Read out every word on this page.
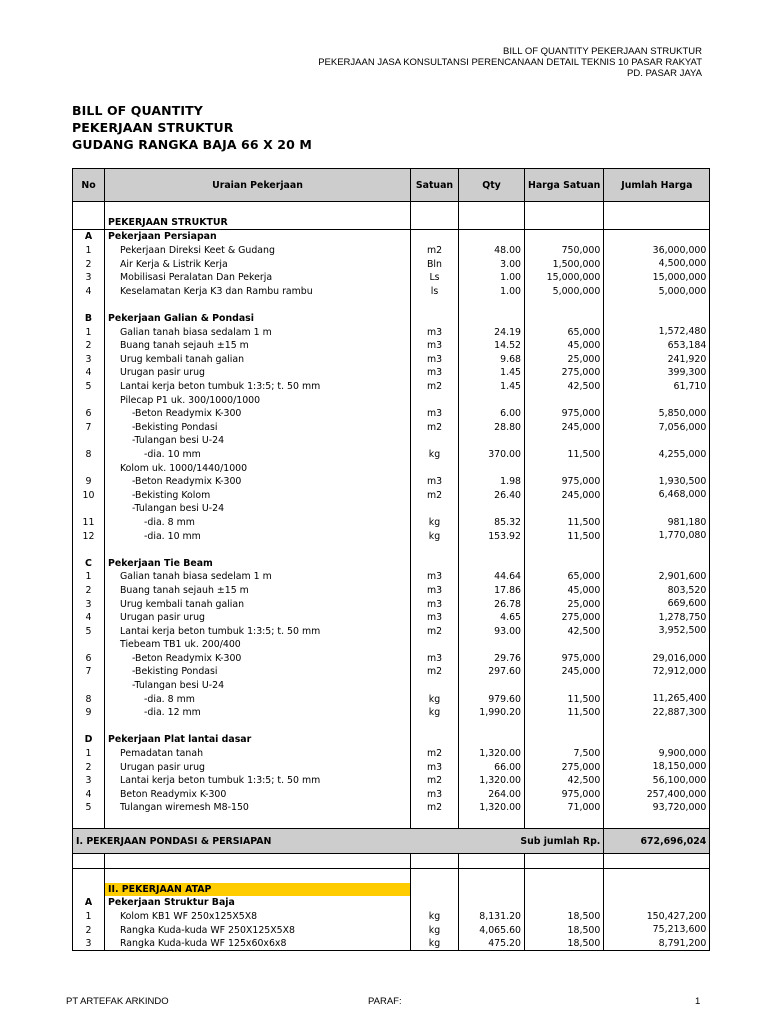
BILL OF QUANTITY PEKERJAAN STRUKTUR
PEKERJAAN JASA KONSULTANSI PERENCANAAN DETAIL TEKNIS 10 PASAR RAKYAT
PD. PASAR JAYA
BILL OF QUANTITY
PEKERJAAN STRUKTUR
GUDANG RANGKA BAJA 66 X 20 M
No	Uraian Pekerjaan	Satuan	Qty	Harga Satuan	Jumlah Harga

	PEKERJAAN STRUKTUR				
A	Pekerjaan Persiapan				
1	Pekerjaan Direksi Keet & Gudang	m2	48.00	750,000	36,000,000
2	Air Kerja & Listrik Kerja	Bln	3.00	1,500,000	4,500,000
3	Mobilisasi Peralatan Dan Pekerja	Ls	1.00	15,000,000	15,000,000
4	Keselamatan Kerja K3 dan Rambu rambu	ls	1.00	5,000,000	5,000,000

B	Pekerjaan Galian & Pondasi				
1	Galian tanah biasa sedalam 1 m	m3	24.19	65,000	1,572,480
2	Buang tanah sejauh ±15 m	m3	14.52	45,000	653,184
3	Urug kembali tanah galian	m3	9.68	25,000	241,920
4	Urugan pasir urug	m3	1.45	275,000	399,300
5	Lantai kerja beton tumbuk 1:3:5; t. 50 mm	m2	1.45	42,500	61,710
	Pilecap P1 uk. 300/1000/1000				
6	-Beton Readymix K-300	m3	6.00	975,000	5,850,000
7	-Bekisting Pondasi	m2	28.80	245,000	7,056,000
	-Tulangan besi U-24				
8	-dia. 10 mm	kg	370.00	11,500	4,255,000
	Kolom uk. 1000/1440/1000				
9	-Beton Readymix K-300	m3	1.98	975,000	1,930,500
10	-Bekisting Kolom	m2	26.40	245,000	6,468,000
	-Tulangan besi U-24				
11	-dia. 8 mm	kg	85.32	11,500	981,180
12	-dia. 10 mm	kg	153.92	11,500	1,770,080

C	Pekerjaan Tie Beam				
1	Galian tanah biasa sedelam 1 m	m3	44.64	65,000	2,901,600
2	Buang tanah sejauh ±15 m	m3	17.86	45,000	803,520
3	Urug kembali tanah galian	m3	26.78	25,000	669,600
4	Urugan pasir urug	m3	4.65	275,000	1,278,750
5	Lantai kerja beton tumbuk 1:3:5; t. 50 mm	m2	93.00	42,500	3,952,500
	Tiebeam TB1 uk. 200/400				
6	-Beton Readymix K-300	m3	29.76	975,000	29,016,000
7	-Bekisting Pondasi	m2	297.60	245,000	72,912,000
	-Tulangan besi U-24				
8	-dia. 8 mm	kg	979.60	11,500	11,265,400
9	-dia. 12 mm	kg	1,990.20	11,500	22,887,300

D	Pekerjaan Plat lantai dasar				
1	Pemadatan tanah	m2	1,320.00	7,500	9,900,000
2	Urugan pasir urug	m3	66.00	275,000	18,150,000
3	Lantai kerja beton tumbuk 1:3:5; t. 50 mm	m2	1,320.00	42,500	56,100,000
4	Beton Readymix K-300	m3	264.00	975,000	257,400,000
5	Tulangan wiremesh M8-150	m2	1,320.00	71,000	93,720,000

I. PEKERJAAN PONDASI & PERSIAPAN		Sub jumlah Rp.			672,696,024

	II. PEKERJAAN ATAP				
A	Pekerjaan Struktur Baja				
1	Kolom KB1 WF 250x125X5X8	kg	8,131.20	18,500	150,427,200
2	Rangka Kuda-kuda WF 250X125X5X8	kg	4,065.60	18,500	75,213,600
3	Rangka Kuda-kuda WF 125x60x6x8	kg	475.20	18,500	8,791,200
PT ARTEFAK ARKINDO	PARAF:	1
